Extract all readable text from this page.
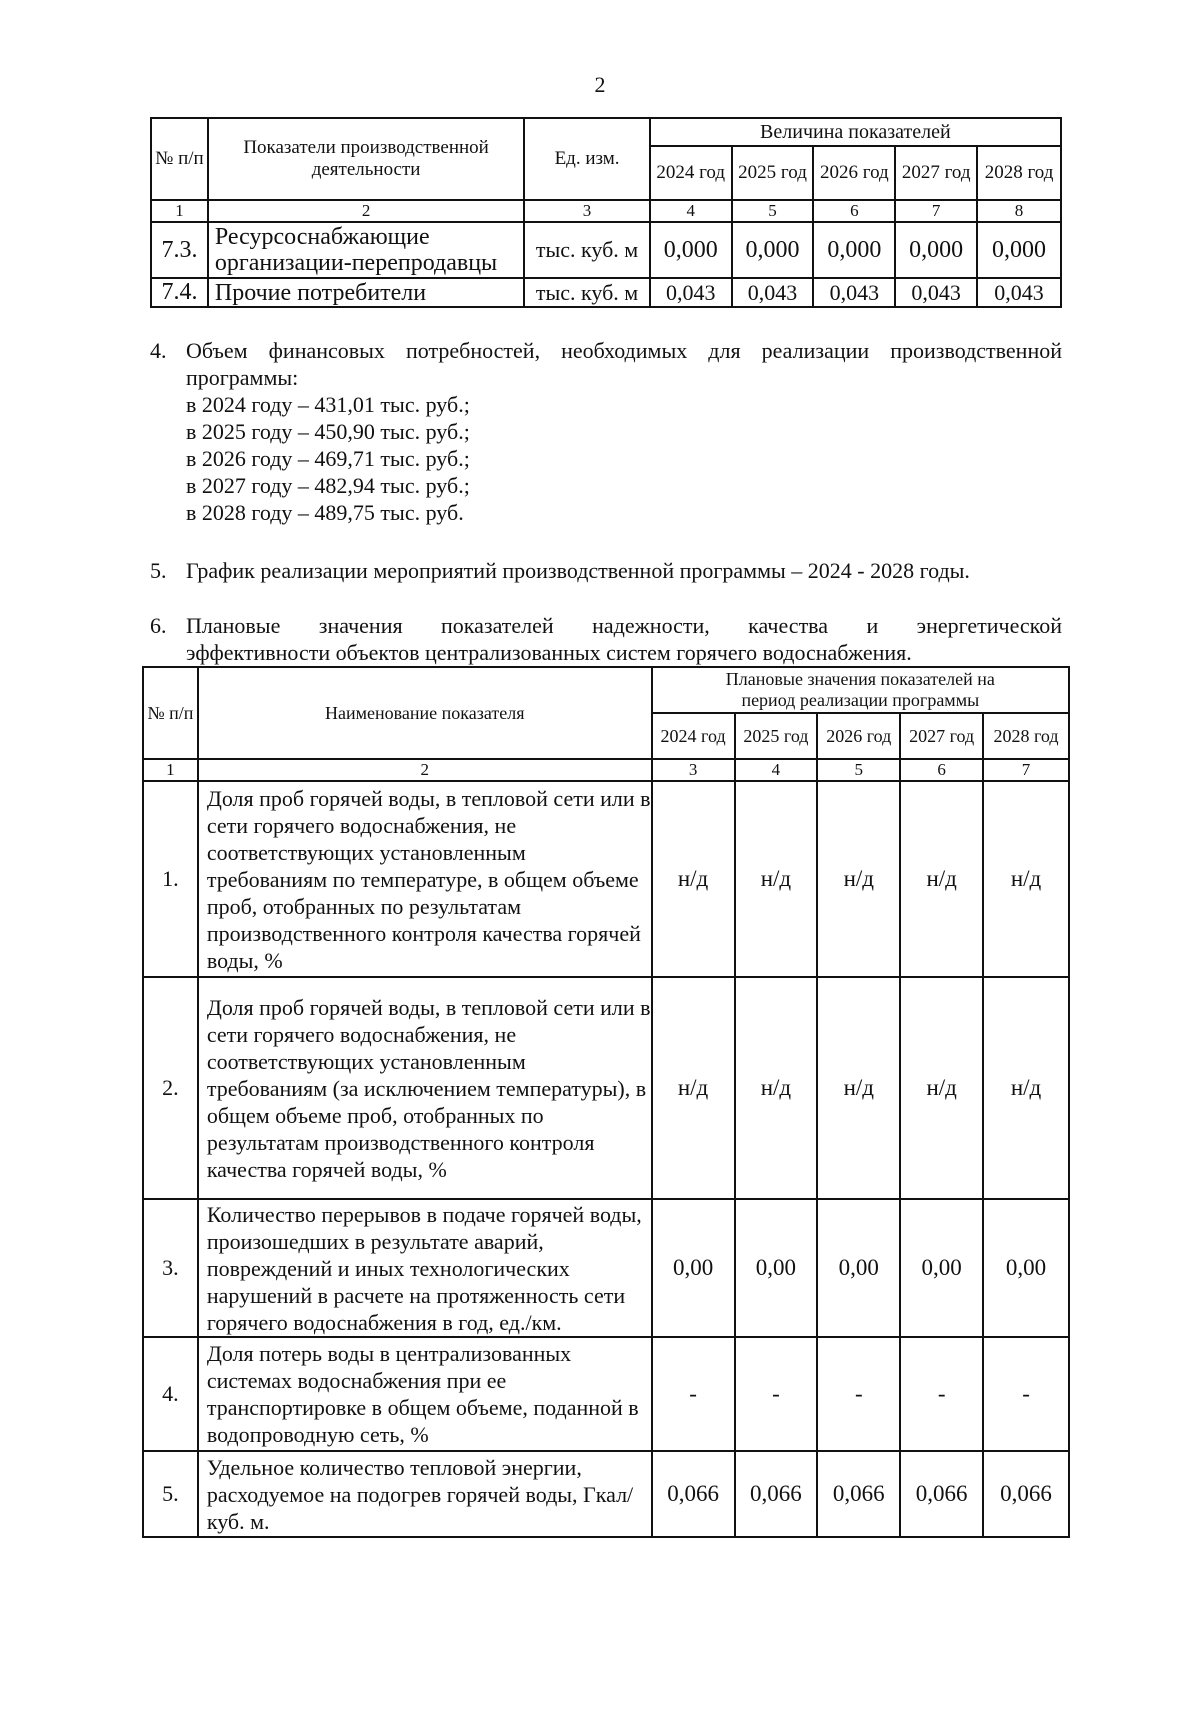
2
№ п/п	Показатели производственной деятельности	Ед. изм.	Величина показателей				
			2024 год	2025 год	2026 год	2027 год	2028 год
1	2	3	4	5	6	7	8
7.3.	Ресурсоснабжающие организации-перепродавцы	тыс. куб. м	0,000	0,000	0,000	0,000	0,000
7.4.	Прочие потребители	тыс. куб. м	0,043	0,043	0,043	0,043	0,043
4. Объем финансовых потребностей, необходимых для реализации производственной программы:
в 2024 году – 431,01 тыс. руб.;
в 2025 году – 450,90 тыс. руб.;
в 2026 году – 469,71 тыс. руб.;
в 2027 году – 482,94 тыс. руб.;
в 2028 году – 489,75 тыс. руб.
5. График реализации мероприятий производственной программы – 2024 - 2028 годы.
6. Плановые значения показателей надежности, качества и энергетической
эффективности объектов централизованных систем горячего водоснабжения.
№ п/п	Наименование показателя	Плановые значения показателей на период реализации программы				
		2024 год	2025 год	2026 год	2027 год	2028 год
1	2	3	4	5	6	7
1.	Доля проб горячей воды, в тепловой сети или в сети горячего водоснабжения, не соответствующих установленным требованиям по температуре, в общем объеме проб, отобранных по результатам производственного контроля качества горячей воды, %	н/д	н/д	н/д	н/д	н/д
2.	Доля проб горячей воды, в тепловой сети или в сети горячего водоснабжения, не соответствующих установленным требованиям (за исключением температуры), в общем объеме проб, отобранных по результатам производственного контроля качества горячей воды, %	н/д	н/д	н/д	н/д	н/д
3.	Количество перерывов в подаче горячей воды, произошедших в результате аварий, повреждений и иных технологических нарушений в расчете на протяженность сети горячего водоснабжения в год, ед./км.	0,00	0,00	0,00	0,00	0,00
4.	Доля потерь воды в централизованных системах водоснабжения при ее транспортировке в общем объеме, поданной в водопроводную сеть, %	-	-	-	-	-
5.	Удельное количество тепловой энергии, расходуемое на подогрев горячей воды, Гкал/куб. м.	0,066	0,066	0,066	0,066	0,066
